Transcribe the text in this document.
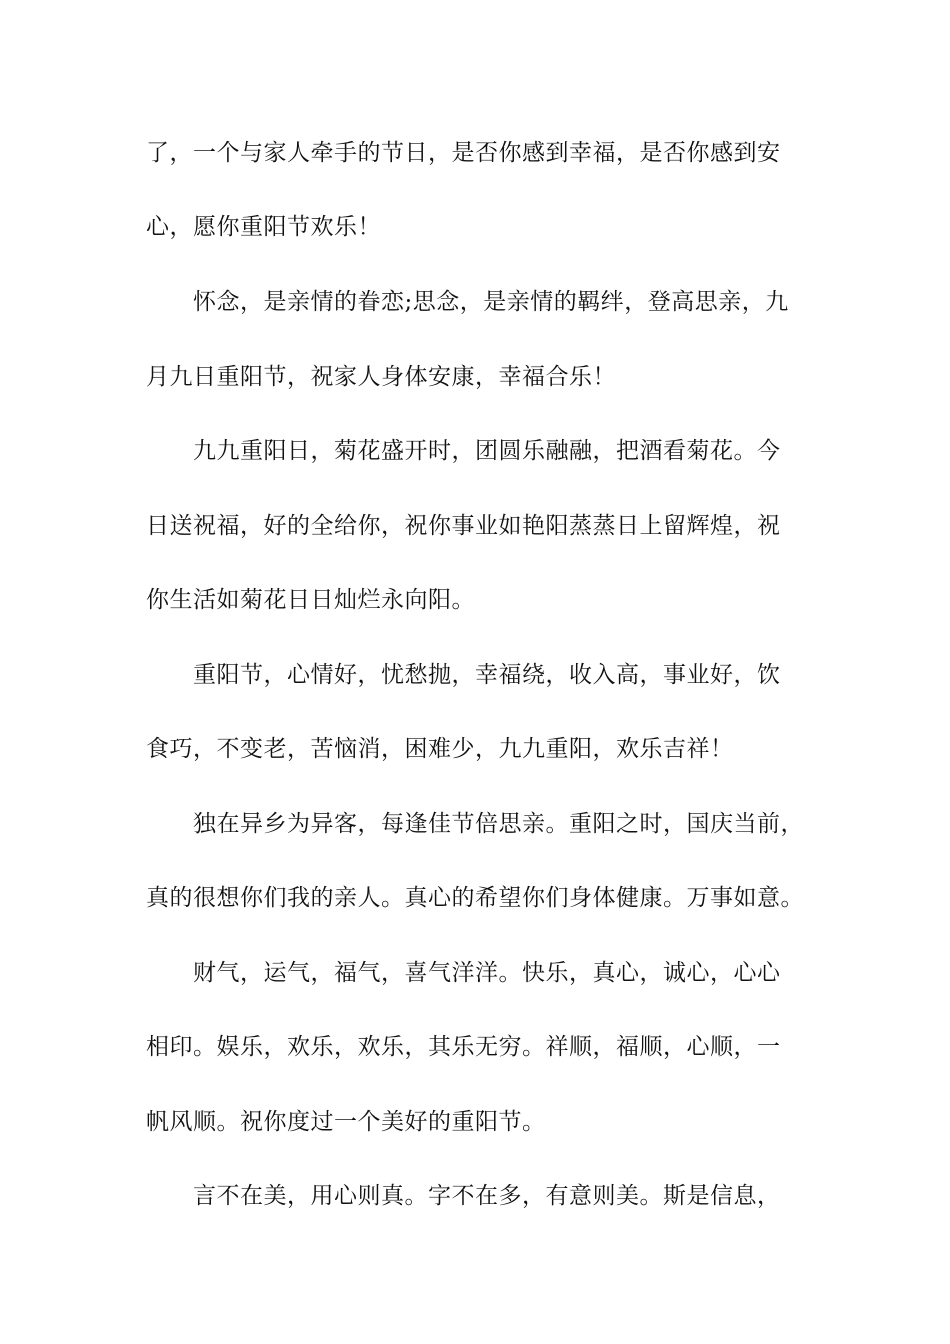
了，一个与家人牵手的节日，是否你感到幸福，是否你感到安
心，愿你重阳节欢乐！
怀念，是亲情的眷恋;思念，是亲情的羁绊，登高思亲，九
月九日重阳节，祝家人身体安康，幸福合乐！
九九重阳日，菊花盛开时，团圆乐融融，把酒看菊花。今
日送祝福，好的全给你，祝你事业如艳阳蒸蒸日上留辉煌，祝
你生活如菊花日日灿烂永向阳。
重阳节，心情好，忧愁抛，幸福绕，收入高，事业好，饮
食巧，不变老，苦恼消，困难少，九九重阳，欢乐吉祥！
独在异乡为异客，每逢佳节倍思亲。重阳之时，国庆当前，
真的很想你们我的亲人。真心的希望你们身体健康。万事如意。
财气，运气，福气，喜气洋洋。快乐，真心，诚心，心心
相印。娱乐，欢乐，欢乐，其乐无穷。祥顺，福顺，心顺，一
帆风顺。祝你度过一个美好的重阳节。
言不在美，用心则真。字不在多，有意则美。斯是信息，
